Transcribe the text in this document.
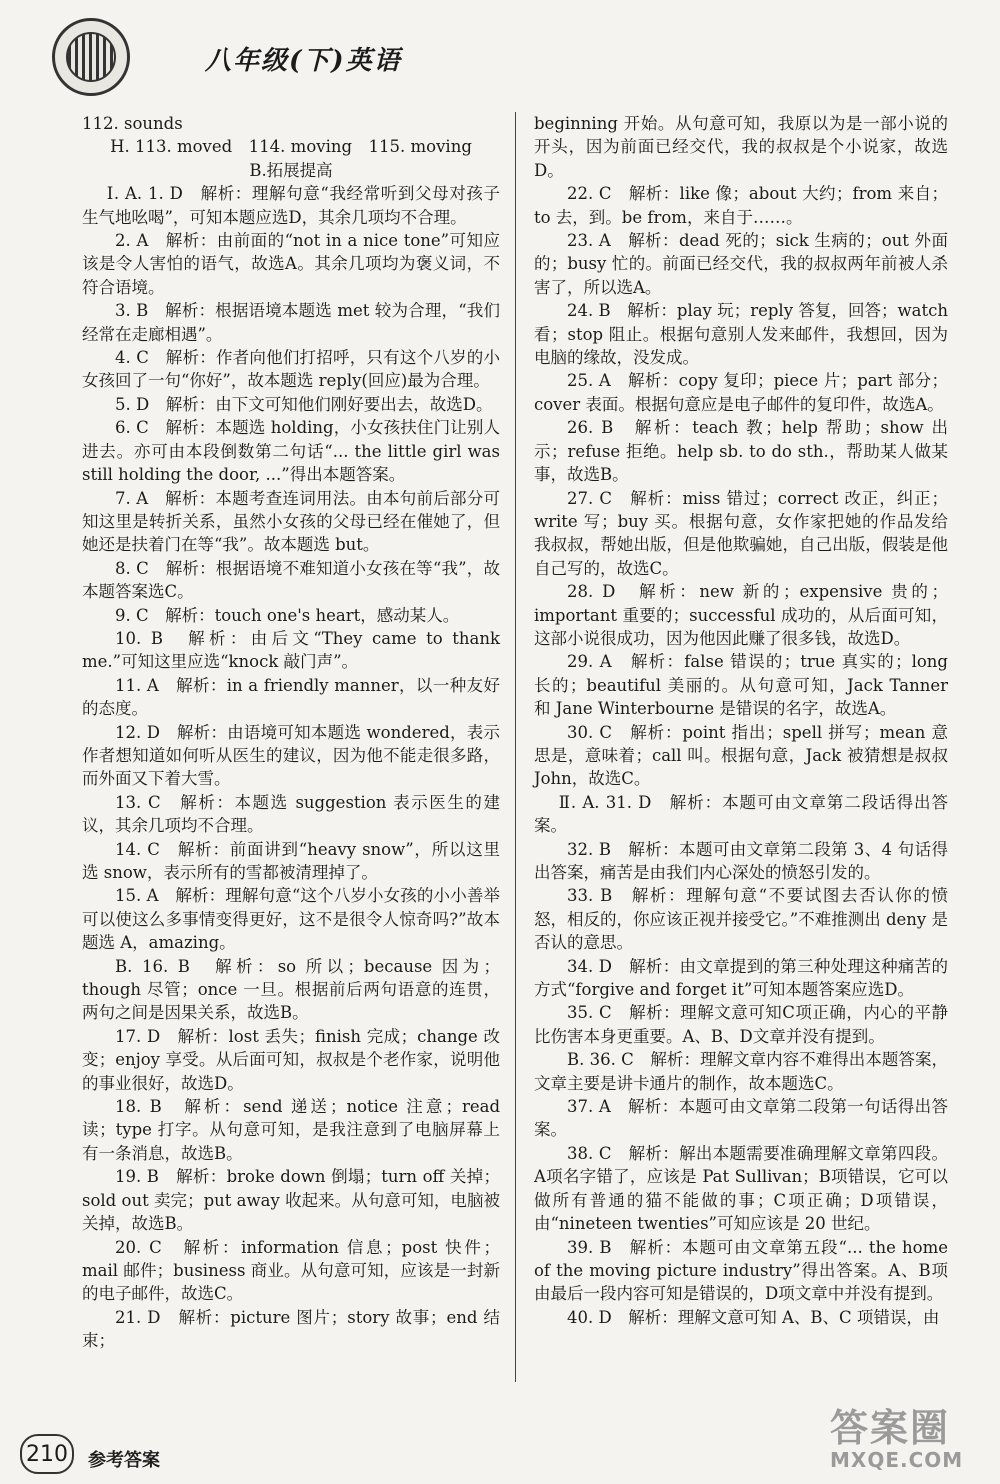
八年级(下)英语

112. sounds

H. 113. moved　114. moving　115. moving

B.拓展提高

Ⅰ. A. 1. D　解析：理解句意“我经常听到父母对孩子生气地吆喝”，可知本题应选D，其余几项均不合理。

2. A　解析：由前面的“not in a nice tone”可知应该是令人害怕的语气，故选A。其余几项均为褒义词，不符合语境。

3. B　解析：根据语境本题选 met 较为合理，“我们经常在走廊相遇”。

4. C　解析：作者向他们打招呼，只有这个八岁的小女孩回了一句“你好”，故本题选 reply(回应)最为合理。

5. D　解析：由下文可知他们刚好要出去，故选D。

6. C　解析：本题选 holding，小女孩扶住门让别人进去。亦可由本段倒数第二句话“... the little girl was still holding the door, ...”得出本题答案。

7. A　解析：本题考查连词用法。由本句前后部分可知这里是转折关系，虽然小女孩的父母已经在催她了，但她还是扶着门在等“我”。故本题选 but。

8. C　解析：根据语境不难知道小女孩在等“我”，故本题答案选C。

9. C　解析：touch one's heart，感动某人。

10. B　解析：由后文“They came to thank me.”可知这里应选“knock 敲门声”。

11. A　解析：in a friendly manner，以一种友好的态度。

12. D　解析：由语境可知本题选 wondered，表示作者想知道如何听从医生的建议，因为他不能走很多路，而外面又下着大雪。

13. C　解析：本题选 suggestion 表示医生的建议，其余几项均不合理。

14. C　解析：前面讲到“heavy snow”，所以这里选 snow，表示所有的雪都被清理掉了。

15. A　解析：理解句意“这个八岁小女孩的小小善举可以使这么多事情变得更好，这不是很令人惊奇吗?”故本题选 A，amazing。

B. 16. B　解析：so 所以；because 因为；though 尽管；once 一旦。根据前后两句语意的连贯，两句之间是因果关系，故选B。

17. D　解析：lost 丢失；finish 完成；change 改变；enjoy 享受。从后面可知，叔叔是个老作家，说明他的事业很好，故选D。

18. B　解析：send 递送；notice 注意；read 读；type 打字。从句意可知，是我注意到了电脑屏幕上有一条消息，故选B。

19. B　解析：broke down 倒塌；turn off 关掉；sold out 卖完；put away 收起来。从句意可知，电脑被关掉，故选B。

20. C　解析：information 信息；post 快件；mail 邮件；business 商业。从句意可知，应该是一封新的电子邮件，故选C。

21. D　解析：picture 图片；story 故事；end 结束；

beginning 开始。从句意可知，我原以为是一部小说的开头，因为前面已经交代，我的叔叔是个小说家，故选D。

22. C　解析：like 像；about 大约；from 来自；to 去，到。be from，来自于……。

23. A　解析：dead 死的；sick 生病的；out 外面的；busy 忙的。前面已经交代，我的叔叔两年前被人杀害了，所以选A。

24. B　解析：play 玩；reply 答复，回答；watch 看；stop 阻止。根据句意别人发来邮件，我想回，因为电脑的缘故，没发成。

25. A　解析：copy 复印；piece 片；part 部分；cover 表面。根据句意应是电子邮件的复印件，故选A。

26. B　解析：teach 教；help 帮助；show 出示；refuse 拒绝。help sb. to do sth.，帮助某人做某事，故选B。

27. C　解析：miss 错过；correct 改正，纠正；write 写；buy 买。根据句意，女作家把她的作品发给我叔叔，帮她出版，但是他欺骗她，自己出版，假装是他自己写的，故选C。

28. D　解析：new 新的；expensive 贵的；important 重要的；successful 成功的，从后面可知，这部小说很成功，因为他因此赚了很多钱，故选D。

29. A　解析：false 错误的；true 真实的；long 长的；beautiful 美丽的。从句意可知，Jack Tanner 和 Jane Winterbourne 是错误的名字，故选A。

30. C　解析：point 指出；spell 拼写；mean 意思是，意味着；call 叫。根据句意，Jack 被猜想是叔叔 John，故选C。

Ⅱ. A. 31. D　解析：本题可由文章第二段话得出答案。

32. B　解析：本题可由文章第二段第 3、4 句话得出答案，痛苦是由我们内心深处的愤怒引发的。

33. B　解析：理解句意“不要试图去否认你的愤怒，相反的，你应该正视并接受它。”不难推测出 deny 是否认的意思。

34. D　解析：由文章提到的第三种处理这种痛苦的方式“forgive and forget it”可知本题答案应选D。

35. C　解析：理解文意可知C项正确，内心的平静比伤害本身更重要。A、B、D文章并没有提到。

B. 36. C　解析：理解文章内容不难得出本题答案，文章主要是讲卡通片的制作，故本题选C。

37. A　解析：本题可由文章第二段第一句话得出答案。

38. C　解析：解出本题需要准确理解文章第四段。A项名字错了，应该是 Pat Sullivan；B项错误，它可以做所有普通的猫不能做的事；C项正确；D项错误，由“nineteen twenties”可知应该是 20 世纪。

39. B　解析：本题可由文章第五段“... the home of the moving picture industry”得出答案。A、B项由最后一段内容可知是错误的，D项文章中并没有提到。

40. D　解析：理解文意可知 A、B、C 项错误，由

210	参考答案
答案圈
MXQE.COM
